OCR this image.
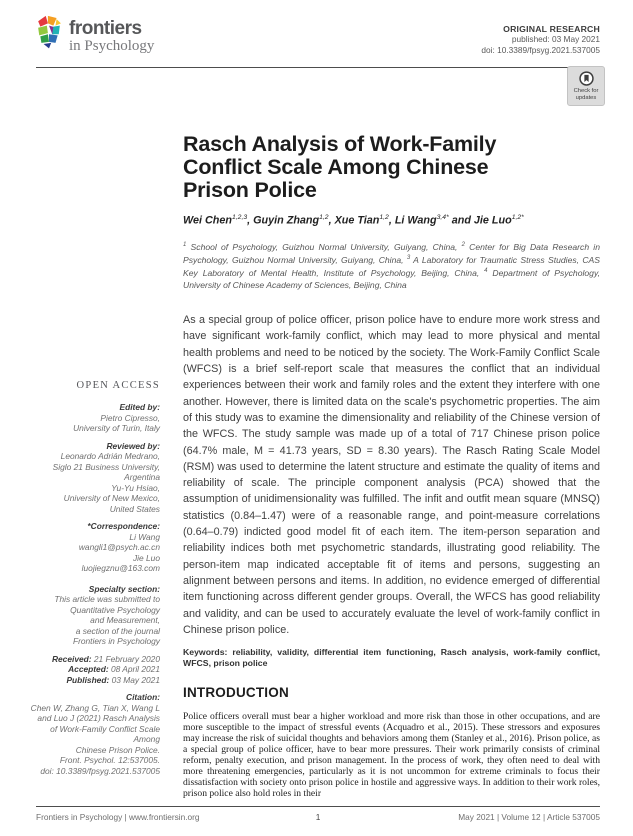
frontiers
in Psychology
ORIGINAL RESEARCH
published: 03 May 2021
doi: 10.3389/fpsyg.2021.537005
Check for updates
OPEN ACCESS
Edited by:
Pietro Cipresso,
University of Turin, Italy
Reviewed by:
Leonardo Adrián Medrano,
Siglo 21 Business University,
Argentina
Yu-Yu Hsiao,
University of New Mexico,
United States
*Correspondence:
Li Wang
wangli1@psych.ac.cn
Jie Luo
luojiegznu@163.com
Specialty section:
This article was submitted to
Quantitative Psychology
and Measurement,
a section of the journal
Frontiers in Psychology
Received: 21 February 2020
Accepted: 08 April 2021
Published: 03 May 2021
Citation:
Chen W, Zhang G, Tian X, Wang L
and Luo J (2021) Rasch Analysis
of Work-Family Conflict Scale Among
Chinese Prison Police.
Front. Psychol. 12:537005.
doi: 10.3389/fpsyg.2021.537005
Rasch Analysis of Work-Family Conflict Scale Among Chinese Prison Police
Wei Chen$^{1,2,3}$, Guyin Zhang$^{1,2}$, Xue Tian$^{1,2}$, Li Wang$^{3,4*}$ and Jie Luo$^{1,2*}$
$^1$ School of Psychology, Guizhou Normal University, Guiyang, China, $^2$ Center for Big Data Research in Psychology, Guizhou Normal University, Guiyang, China, $^3$ A Laboratory for Traumatic Stress Studies, CAS Key Laboratory of Mental Health, Institute of Psychology, Beijing, China, $^4$ Department of Psychology, University of Chinese Academy of Sciences, Beijing, China
As a special group of police officer, prison police have to endure more work stress and have significant work-family conflict, which may lead to more physical and mental health problems and need to be noticed by the society. The Work-Family Conflict Scale (WFCS) is a brief self-report scale that measures the conflict that an individual experiences between their work and family roles and the extent they interfere with one another. However, there is limited data on the scale's psychometric properties. The aim of this study was to examine the dimensionality and reliability of the Chinese version of the WFCS. The study sample was made up of a total of 717 Chinese prison police (64.7% male, M = 41.73 years, SD = 8.30 years). The Rasch Rating Scale Model (RSM) was used to determine the latent structure and estimate the quality of items and reliability of scale. The principle component analysis (PCA) showed that the assumption of unidimensionality was fulfilled. The infit and outfit mean square (MNSQ) statistics (0.84–1.47) were of a reasonable range, and point-measure correlations (0.64–0.79) indicted good model fit of each item. The item-person separation and reliability indices both met psychometric standards, illustrating good reliability. The person-item map indicated acceptable fit of items and persons, suggesting an alignment between persons and items. In addition, no evidence emerged of differential item functioning across different gender groups. Overall, the WFCS has good reliability and validity, and can be used to accurately evaluate the level of work-family conflict in Chinese prison police.
Keywords: reliability, validity, differential item functioning, Rasch analysis, work-family conflict, WFCS, prison police
INTRODUCTION
Police officers overall must bear a higher workload and more risk than those in other occupations, and are more susceptible to the impact of stressful events (Acquadro et al., 2015). These stressors and exposures may increase the risk of suicidal thoughts and behaviors among them (Stanley et al., 2016). Prison police, as a special group of police officer, have to bear more pressures. Their work primarily consists of criminal reform, penalty execution, and prison management. In the process of work, they often need to deal with more threatening emergencies, particularly as it is not uncommon for extreme criminals to focus their dissatisfaction with society onto prison police in hostile and aggressive ways. In addition to their work roles, prison police also hold roles in their
Frontiers in Psychology | www.frontiersin.org	1	May 2021 | Volume 12 | Article 537005
